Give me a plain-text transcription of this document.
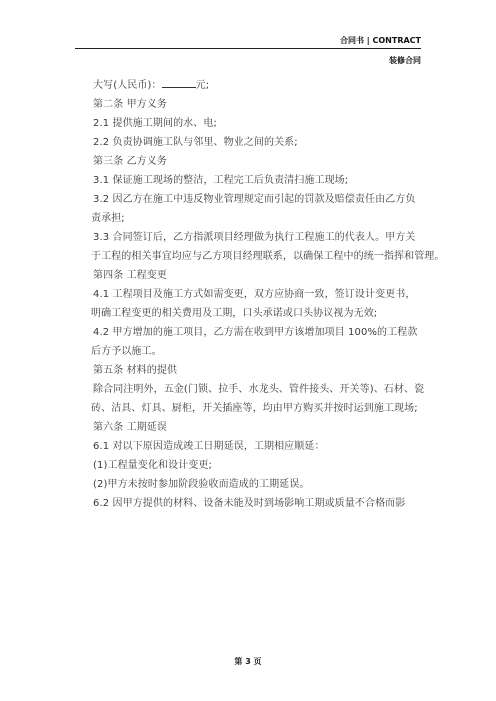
合同书 | CONTRACT
装修合同
大写(人民币)：	元;
第二条 甲方义务
2.1 提供施工期间的水、电;
2.2 负责协调施工队与邻里、物业之间的关系;
第三条 乙方义务
3.1 保证施工现场的整洁，工程完工后负责清扫施工现场;
3.2 因乙方在施工中违反物业管理规定而引起的罚款及赔偿责任由乙方负
责承担;
3.3 合同签订后，乙方指派项目经理做为执行工程施工的代表人。甲方关
于工程的相关事宜均应与乙方项目经理联系，以确保工程中的统一指挥和管理。
第四条 工程变更
4.1 工程项目及施工方式如需变更，双方应协商一致，签订设计变更书，
明确工程变更的相关费用及工期，口头承诺或口头协议视为无效;
4.2 甲方增加的施工项目，乙方需在收到甲方该增加项目 100%的工程款
后方予以施工。
第五条 材料的提供
除合同注明外，五金(门锁、拉手、水龙头、管件接头、开关等)、石材、瓷
砖、洁具、灯具、厨柜，开关插座等，均由甲方购买并按时运到施工现场;
第六条 工期延误
6.1 对以下原因造成竣工日期延误，工期相应顺延：
(1)工程量变化和设计变更;
(2)甲方未按时参加阶段验收而造成的工期延误。
6.2 因甲方提供的材料、设备未能及时到场影响工期或质量不合格而影
第 3 页
